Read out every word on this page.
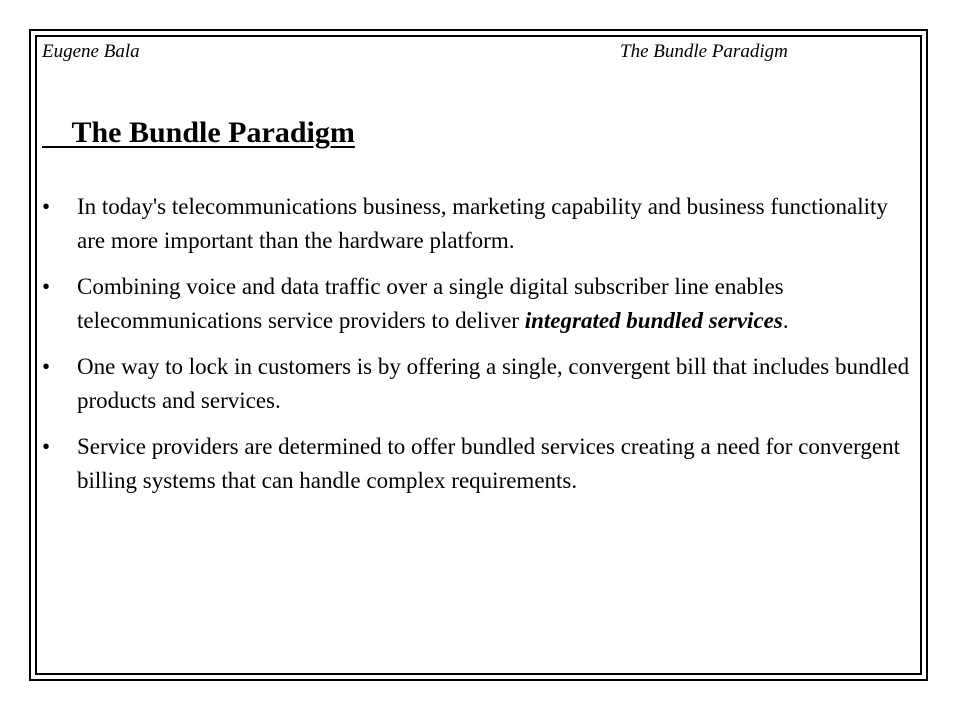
Eugene Bala	The Bundle Paradigm
The Bundle Paradigm
•	In today's telecommunications business, marketing capability and business functionality are more important than the hardware platform.
•	Combining voice and data traffic over a single digital subscriber line enables telecommunications service providers to deliver integrated bundled services.
•	One way to lock in customers is by offering a single, convergent bill that includes bundled products and services.
•	Service providers are determined to offer bundled services creating a need for convergent billing systems that can handle complex requirements.
